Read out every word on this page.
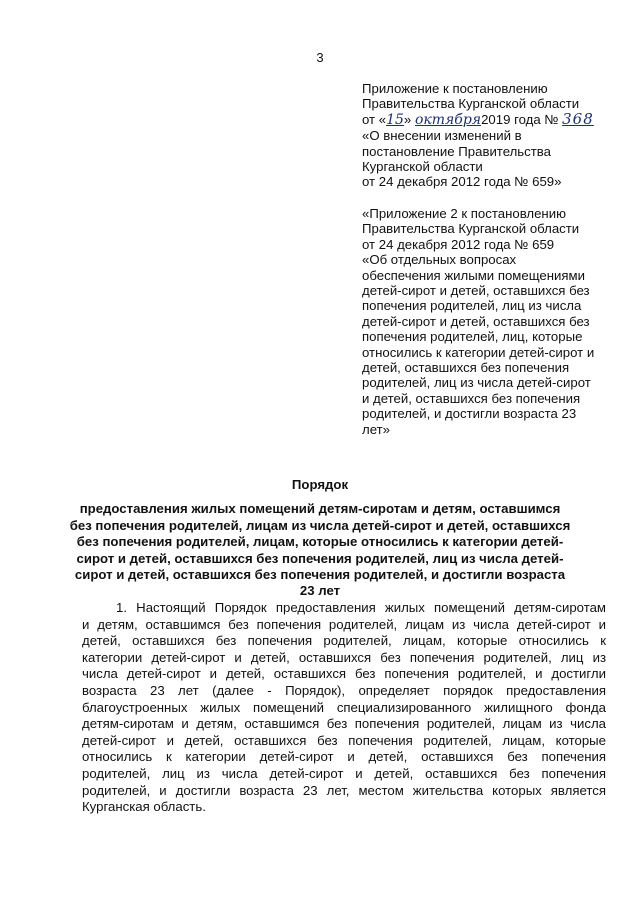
3
Приложение к постановлению
Правительства Курганской области
от «15» октября2019 года № 368
«О внесении изменений в
постановление Правительства
Курганской области
от 24 декабря 2012 года № 659»
«Приложение 2 к постановлению
Правительства Курганской области
от 24 декабря 2012 года № 659
«Об отдельных вопросах
обеспечения жилыми помещениями
детей-сирот и детей, оставшихся без
попечения родителей, лиц из числа
детей-сирот и детей, оставшихся без
попечения родителей, лиц, которые
относились к категории детей-сирот и
детей, оставшихся без попечения
родителей, лиц из числа детей-сирот
и детей, оставшихся без попечения
родителей, и достигли возраста 23
лет»
Порядок
предоставления жилых помещений детям-сиротам и детям, оставшимся
без попечения родителей, лицам из числа детей-сирот и детей, оставшихся
без попечения родителей, лицам, которые относились к категории детей-
сирот и детей, оставшихся без попечения родителей, лиц из числа детей-
сирот и детей, оставшихся без попечения родителей, и достигли возраста
23 лет
1. Настоящий Порядок предоставления жилых помещений детям-сиротам
и детям, оставшимся без попечения родителей, лицам из числа детей-сирот и
детей, оставшихся без попечения родителей, лицам, которые относились к
категории детей-сирот и детей, оставшихся без попечения родителей, лиц из
числа детей-сирот и детей, оставшихся без попечения родителей, и достигли
возраста 23 лет (далее - Порядок), определяет порядок предоставления
благоустроенных жилых помещений специализированного жилищного фонда
детям-сиротам и детям, оставшимся без попечения родителей, лицам из числа
детей-сирот и детей, оставшихся без попечения родителей, лицам, которые
относились к категории детей-сирот и детей, оставшихся без попечения
родителей, лиц из числа детей-сирот и детей, оставшихся без попечения
родителей, и достигли возраста 23 лет, местом жительства которых является
Курганская область.
